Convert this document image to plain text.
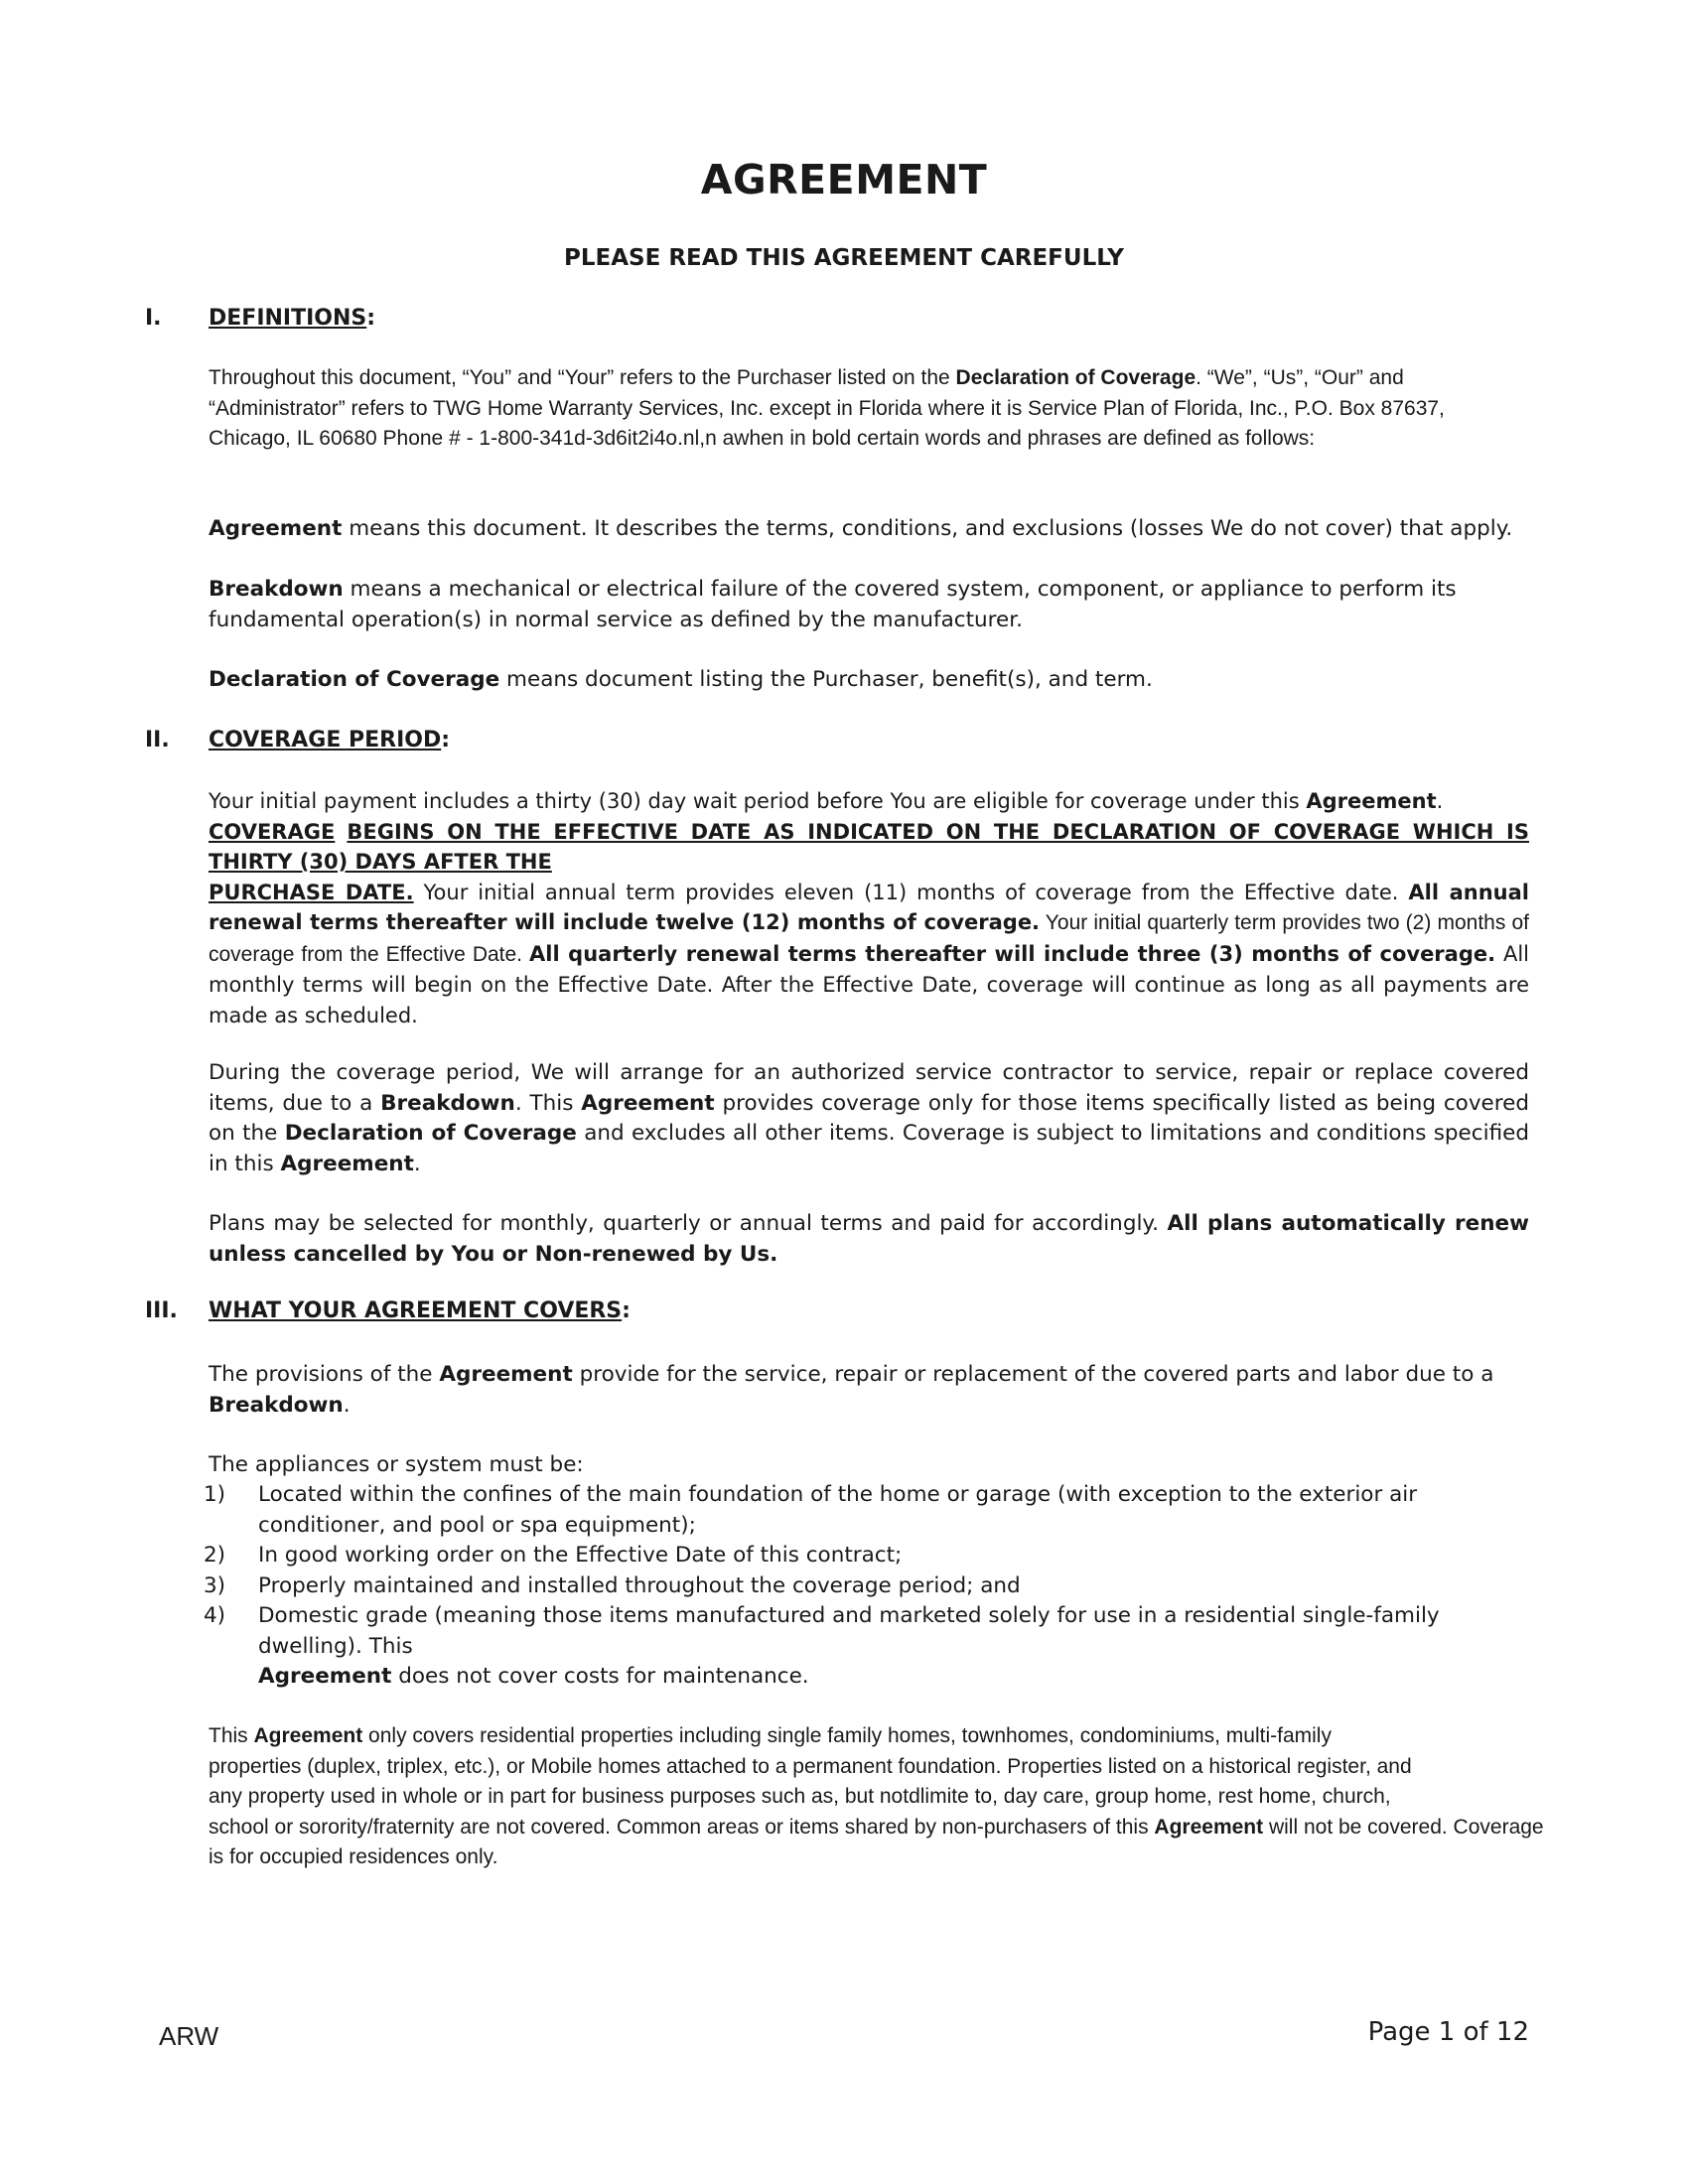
AGREEMENT
PLEASE READ THIS AGREEMENT CAREFULLY
I. DEFINITIONS:

Throughout this document, “You” and “Your” refers to the Purchaser listed on the Declaration of Coverage. “We”, “Us”, “Our” and “Administrator” refers to TWG Home Warranty Services, Inc. except in Florida where it is Service Plan of Florida, Inc., P.O. Box 87637,
Chicago, IL 60680 Phone # - 1-800-341d-3d6it2i4o.nl,n awhen in bold certain words and phrases are defined as follows:

Agreement means this document. It describes the terms, conditions, and exclusions (losses We do not cover) that apply.

Breakdown means a mechanical or electrical failure of the covered system, component, or appliance to perform its fundamental operation(s) in normal service as defined by the manufacturer.

Declaration of Coverage means document listing the Purchaser, benefit(s), and term.

II. COVERAGE PERIOD:

Your initial payment includes a thirty (30) day wait period before You are eligible for coverage under this Agreement.
COVERAGE BEGINS ON THE EFFECTIVE DATE AS INDICATED ON THE DECLARATION OF COVERAGE WHICH IS THIRTY (30) DAYS AFTER THE
PURCHASE DATE. Your initial annual term provides eleven (11) months of coverage from the Effective date. All annual renewal terms thereafter will include twelve (12) months of coverage. Your initial quarterly term provides two (2) months of coverage from the Effective Date. All quarterly renewal terms thereafter will include three (3) months of coverage. All monthly terms will begin on the Effective Date. After the Effective Date, coverage will continue as long as all payments are made as scheduled.

During the coverage period, We will arrange for an authorized service contractor to service, repair or replace covered items, due to a Breakdown. This Agreement provides coverage only for those items specifically listed as being covered on the Declaration of Coverage and excludes all other items. Coverage is subject to limitations and conditions specified in this Agreement.

Plans may be selected for monthly, quarterly or annual terms and paid for accordingly. All plans automatically renew unless cancelled by You or Non-renewed by Us.

III. WHAT YOUR AGREEMENT COVERS:

The provisions of the Agreement provide for the service, repair or replacement of the covered parts and labor due to a Breakdown.

The appliances or system must be:

1) Located within the confines of the main foundation of the home or garage (with exception to the exterior air conditioner, and pool or spa equipment);
2) In good working order on the Effective Date of this contract;
3) Properly maintained and installed throughout the coverage period; and
4) Domestic grade (meaning those items manufactured and marketed solely for use in a residential single-family dwelling). This
Agreement does not cover costs for maintenance.

This Agreement only covers residential properties including single family homes, townhomes, condominiums, multi-family
properties (duplex, triplex, etc.), or Mobile homes attached to a permanent foundation. Properties listed on a historical register, and
any property used in whole or in part for business purposes such as, but notdlimite to, day care, group home, rest home, church,
school or sorority/fraternity are not covered. Common areas or items shared by non-purchasers of this Agreement will not be covered. Coverage is for occupied residences only.

ARW	Page 1 of 12
